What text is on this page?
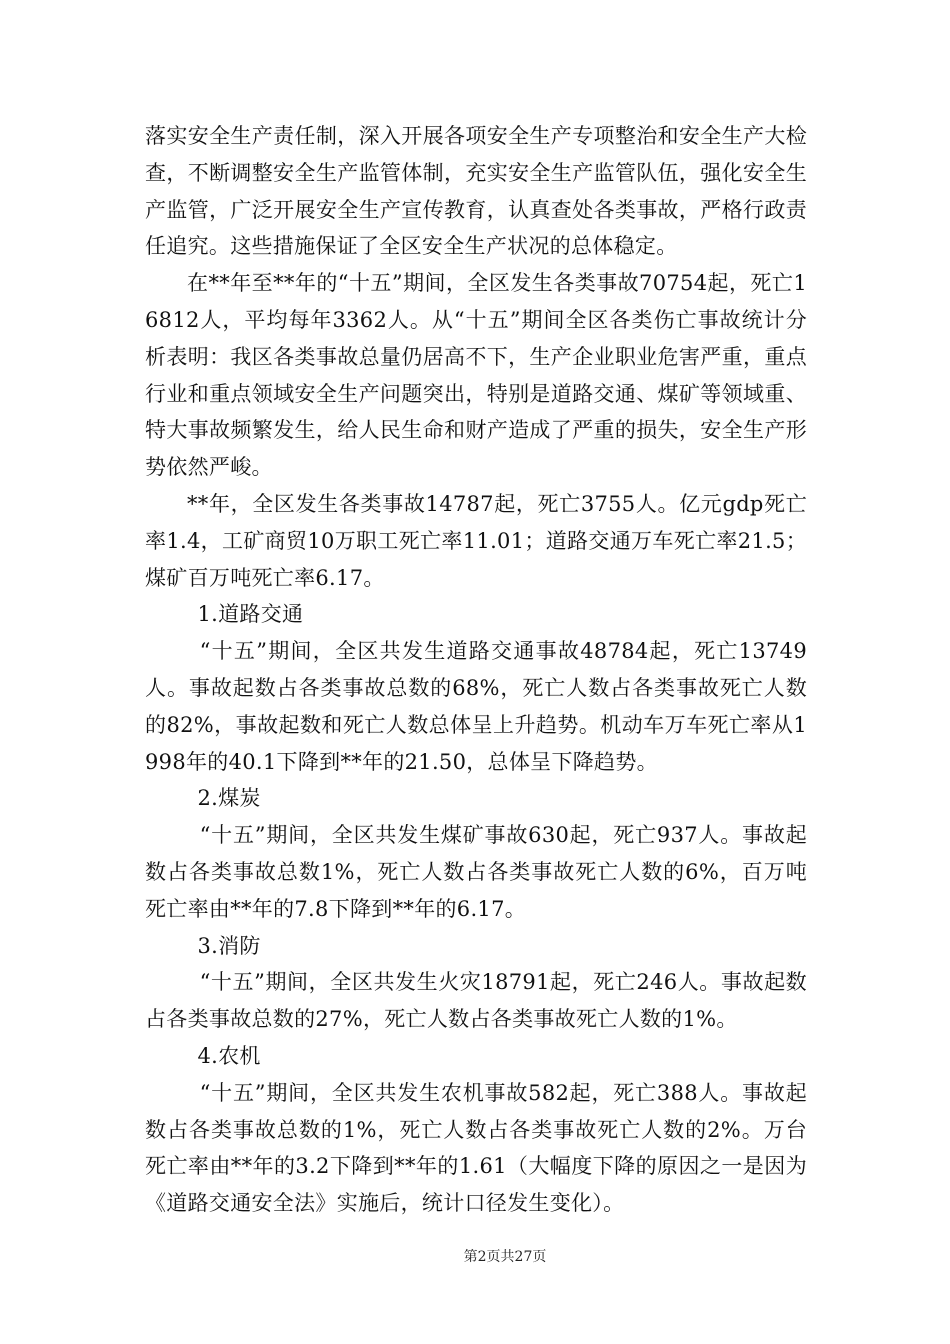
落实安全生产责任制，深入开展各项安全生产专项整治和安全生产大检查，不断调整安全生产监管体制，充实安全生产监管队伍，强化安全生产监管，广泛开展安全生产宣传教育，认真查处各类事故，严格行政责任追究。这些措施保证了全区安全生产状况的总体稳定。

在**年至**年的“十五”期间，全区发生各类事故70754起，死亡16812人，平均每年3362人。从“十五”期间全区各类伤亡事故统计分析表明：我区各类事故总量仍居高不下，生产企业职业危害严重，重点行业和重点领域安全生产问题突出，特别是道路交通、煤矿等领域重、特大事故频繁发生，给人民生命和财产造成了严重的损失，安全生产形势依然严峻。

**年，全区发生各类事故14787起，死亡3755人。亿元gdp死亡率1.4，工矿商贸10万职工死亡率11.01；道路交通万车死亡率21.5；煤矿百万吨死亡率6.17。

1.道路交通

“十五”期间，全区共发生道路交通事故48784起，死亡13749人。事故起数占各类事故总数的68%，死亡人数占各类事故死亡人数的82%，事故起数和死亡人数总体呈上升趋势。机动车万车死亡率从1998年的40.1下降到**年的21.50，总体呈下降趋势。

2.煤炭

“十五”期间，全区共发生煤矿事故630起，死亡937人。事故起数占各类事故总数1%，死亡人数占各类事故死亡人数的6%，百万吨死亡率由**年的7.8下降到**年的6.17。

3.消防

“十五”期间，全区共发生火灾18791起，死亡246人。事故起数占各类事故总数的27%，死亡人数占各类事故死亡人数的1%。

4.农机

“十五”期间，全区共发生农机事故582起，死亡388人。事故起数占各类事故总数的1%，死亡人数占各类事故死亡人数的2%。万台死亡率由**年的3.2下降到**年的1.61（大幅度下降的原因之一是因为《道路交通安全法》实施后，统计口径发生变化）。

第2页共27页
